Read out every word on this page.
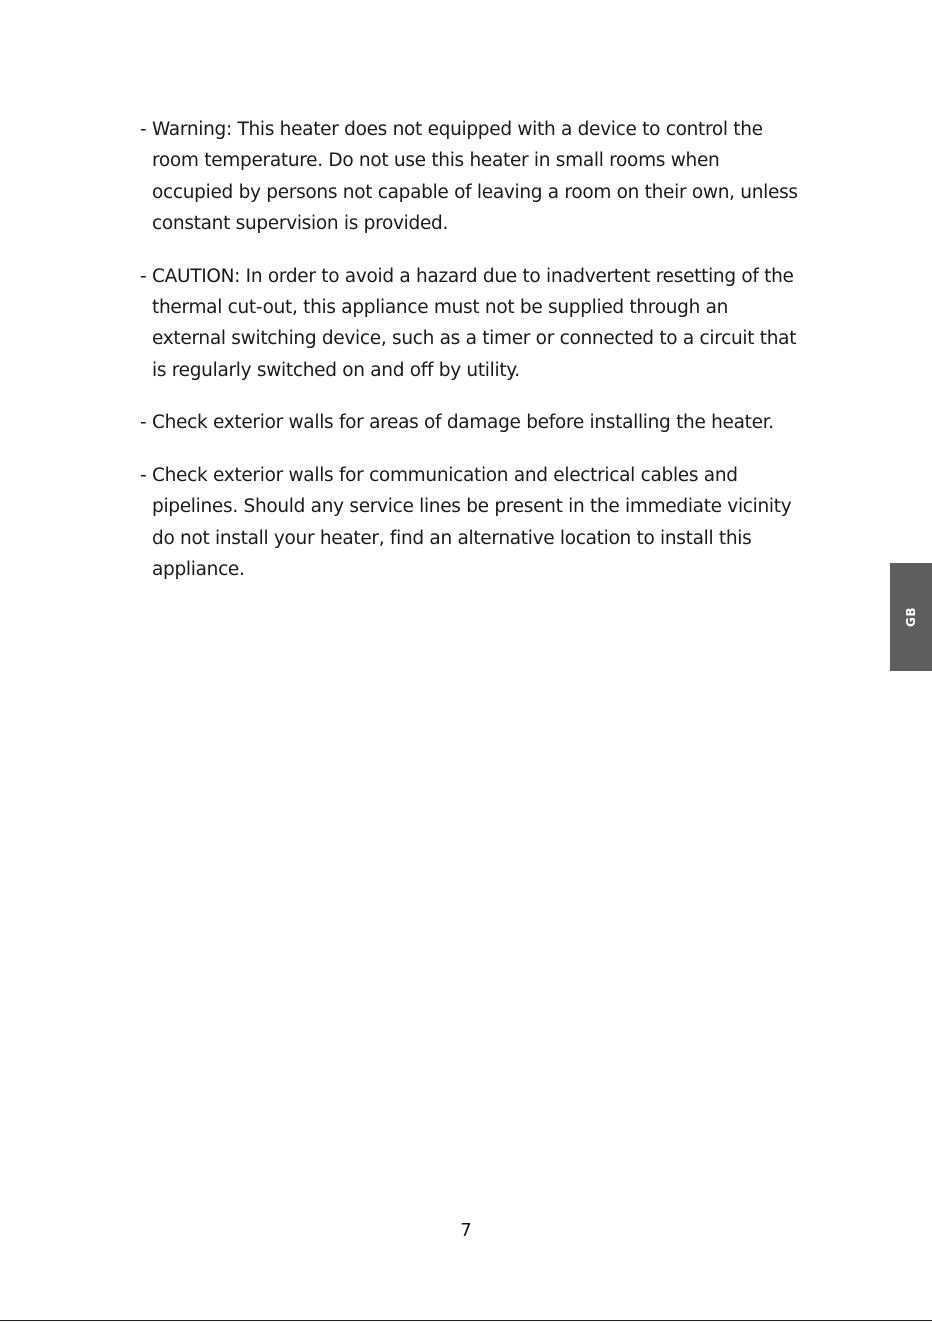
- Warning: This heater does not equipped with a device to control the room temperature. Do not use this heater in small rooms when occupied by persons not capable of leaving a room on their own, unless constant supervision is provided.
- CAUTION: In order to avoid a hazard due to inadvertent resetting of the thermal cut-out, this appliance must not be supplied through an external switching device, such as a timer or connected to a circuit that is regularly switched on and off by utility.
- Check exterior walls for areas of damage before installing the heater.
- Check exterior walls for communication and electrical cables and pipelines. Should any service lines be present in the immediate vicinity do not install your heater, find an alternative location to install this appliance.
GB
7
